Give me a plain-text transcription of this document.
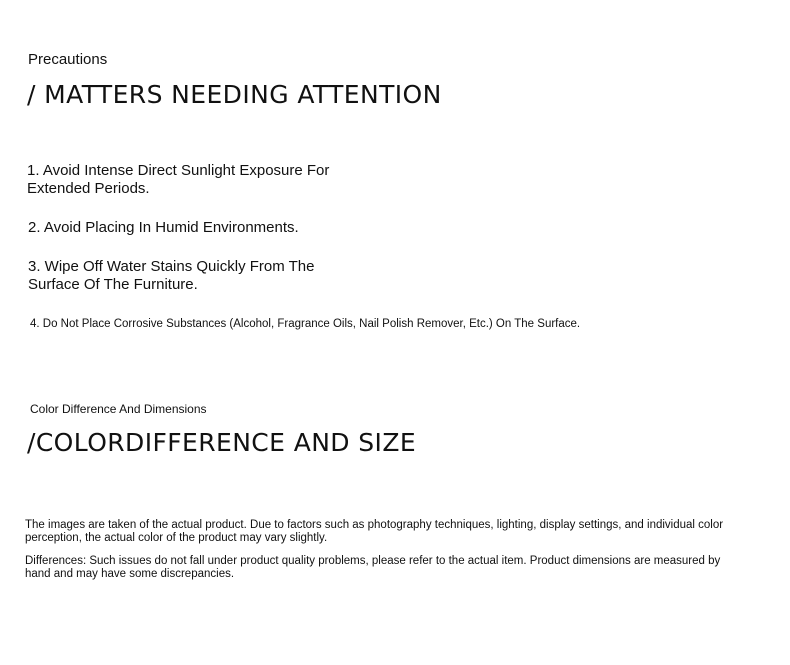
Precautions
/ MATTERS NEEDING ATTENTION
1. Avoid Intense Direct Sunlight Exposure For Extended Periods.
2. Avoid Placing In Humid Environments.
3. Wipe Off Water Stains Quickly From The Surface Of The Furniture.
4. Do Not Place Corrosive Substances (Alcohol, Fragrance Oils, Nail Polish Remover, Etc.) On The Surface.
Color Difference And Dimensions
/COLORDIFFERENCE AND SIZE
The images are taken of the actual product. Due to factors such as photography techniques, lighting, display settings, and individual color perception, the actual color of the product may vary slightly.
Differences: Such issues do not fall under product quality problems, please refer to the actual item. Product dimensions are measured by hand and may have some discrepancies.
